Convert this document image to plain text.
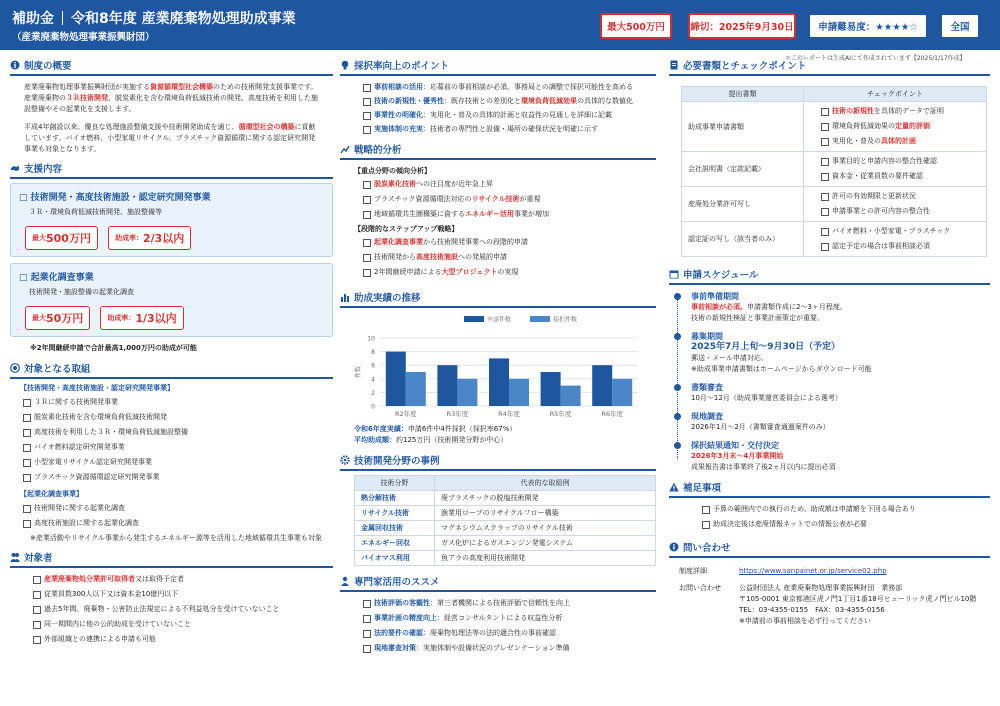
補助金 令和8年度 産業廃棄物処理助成事業
（産業廃棄物処理事業振興財団）
最大500万円	締切：2025年9月30日	申請難易度：★★★★☆	全国
＊このレポートは生成AIにて作成されています【2025/1/17作成】
制度の概要
産業廃棄物処理事業振興財団が実施する資源循環型社会構築のための技術開発支援事業です。産業廃棄物の３Ｒ技術開発、脱炭素化を含む環境負荷低減技術の開発、高度技術を利用した施設整備やその起業化を支援します。
平成4年創設以来、優良な処理施設整備支援や技術開発助成を通じ、循環型社会の構築に貢献しています。バイオ燃料、小型家電リサイクル、プラスチック資源循環に関する認定研究開発事業も対象となります。
支援内容
□ 技術開発・高度技術施設・認定研究開発事業
３Ｒ・環境負荷低減技術開発、施設整備等
最大 500万円	助成率： 2/3以内
□ 起業化調査事業
技術開発・施設整備の起業化調査
最大 50万円	助成率： 1/3以内
※2年間継続申請で合計最高1,000万円の助成が可能
対象となる取組
【技術開発・高度技術施設・認定研究開発事業】
３Ｒに関する技術開発事業
脱炭素化技術を含む環境負荷低減技術開発
高度技術を利用した３Ｒ・環境負荷低減施設整備
バイオ燃料認定研究開発事業
小型家電リサイクル認定研究開発事業
プラスチック資源循環認定研究開発事業
【起業化調査事業】
技術開発に関する起業化調査
高度技術施設に関する起業化調査
※産業活動やリサイクル事業から発生するエネルギー源等を活用した地域循環共生事業も対象
対象者
産業廃棄物処分業許可取得者又は取得予定者
従業員数300人以下又は資本金10億円以下
過去5年間、廃棄物・公害防止法規定による不利益処分を受けていないこと
同一期間内に他の公的助成を受けていないこと
外部組織との連携による申請も可能
採択率向上のポイント
事前相談の活用：応募前の事前相談が必須。事務局との調整で採択可能性を高める
技術の新規性・優秀性：既存技術との差別化と環境負荷低減効果の具体的な数値化
事業性の明確化：実用化・普及の具体的計画と収益性の見通しを詳細に記載
実施体制の充実：技術者の専門性と設備・場所の確保状況を明確に示す
戦略的分析
【重点分野の傾向分析】
脱炭素化技術への注目度が近年急上昇
プラスチック資源循環法対応のリサイクル技術が重視
地域循環共生圏構築に資するエネルギー活用事業が増加
【段階的なステップアップ戦略】
起業化調査事業から技術開発事業への段階的申請
技術開発から高度技術施設への発展的申請
2年間継続申請による大型プロジェクトの実現
助成実績の推移
0
2
4
6
8
10
件数
申請件数	採択件数
R2年度	R3年度	R4年度	R5年度	R6年度
令和6年度実績：申請6件中4件採択（採択率67%）
平均助成額：約125万円（技術開発分野が中心）
技術開発分野の事例
技術分野	代表的な取組例
熱分解技術	廃プラスチックの脱塩技術開発
リサイクル技術	漁業用ロープのリサイクルフロー構築
金属回収技術	マグネシウムスクラップのリサイクル技術
エネルギー回収	ガス化炉によるガスエンジン発電システム
バイオマス利用	魚アラの高度利用技術開発
専門家活用のススメ
技術評価の客観性：第三者機関による技術評価で信頼性を向上
事業計画の精度向上：経営コンサルタントによる収益性分析
法的要件の確認：廃棄物処理法等の法的適合性の事前確認
現地審査対策：実施体制や設備状況のプレゼンテーション準備
必要書類とチェックポイント
提出書類	チェックポイント
助成事業申請書類	技術の新規性を具体的データで証明
環境負荷低減効果の定量的評価
実用化・普及の具体的計画

会社説明書（定款記載）	事業目的と申請内容の整合性確認
資本金・従業員数の要件確認

産廃処分業許可写し	許可の有効期限と更新状況
申請事業との許可内容の整合性

認定証の写し（該当者のみ）	バイオ燃料・小型家電・プラスチック
認定予定の場合は事前相談必須
申請スケジュール
事前準備期間
事前相談が必須。申請書類作成に2〜3ヶ月程度。
技術の新規性検証と事業計画策定が重要。
募集期間
2025年7月上旬〜9月30日（予定）
郵送・メール申請対応。
※助成事業申請書類はホームページからダウンロード可能
書類審査
10月〜12月（助成事業運営委員会による選考）
現地調査
2026年1月〜2月（書類審査通過案件のみ）
採択結果通知・交付決定
2026年3月末〜4月事業開始
成果報告書は事業終了後2ヵ月以内に提出必須
補足事項
予算の範囲内での執行のため、助成額は申請額を下回る場合あり
助成決定後は産廃情報ネットでの情報公表が必要
i 問い合わせ
制度詳細	https://www.sanpainet.or.jp/service02.php
お問い合わせ	公益財団法人 産業廃棄物処理事業振興財団　業務部
〒105-0001 東京都港区虎ノ門1丁目1番18号ヒューリック虎ノ門ビル10階
TEL：03-4355-0155　FAX：03-4355-0156
※申請前の事前相談を必ず行ってください
